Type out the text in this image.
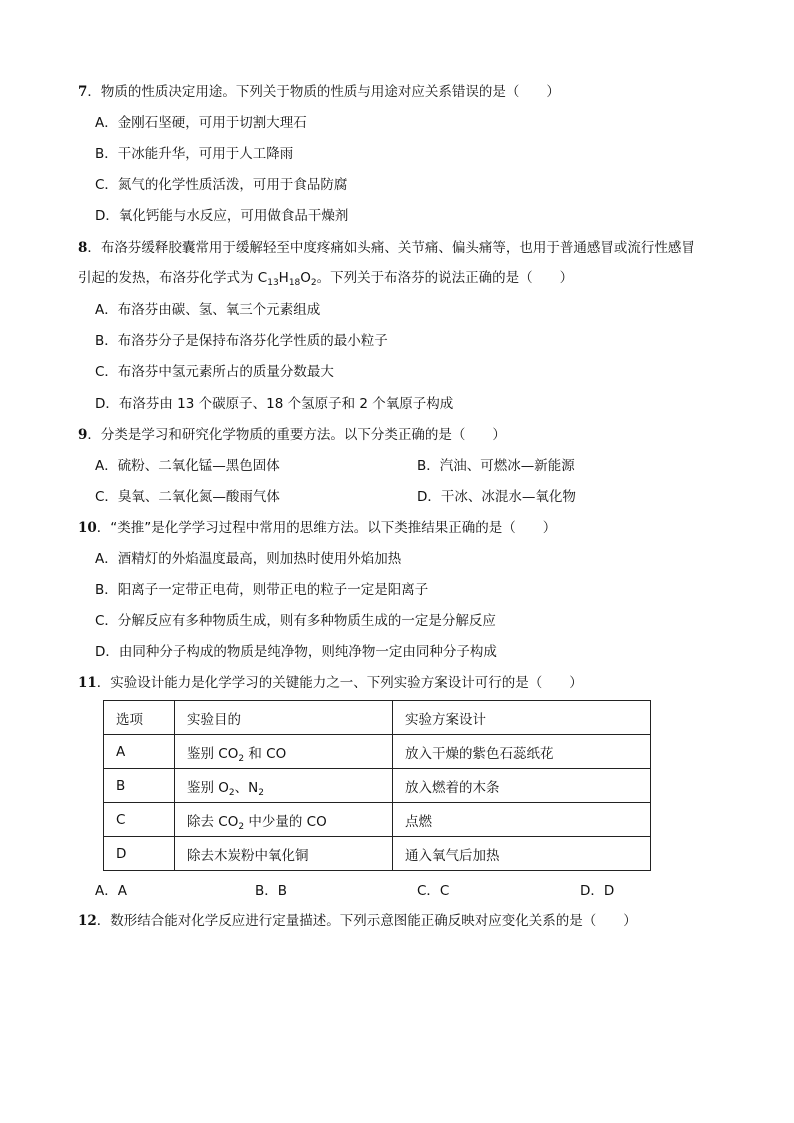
7．物质的性质决定用途。下列关于物质的性质与用途对应关系错误的是（　　）
A．金刚石坚硬，可用于切割大理石
B．干冰能升华，可用于人工降雨
C．氮气的化学性质活泼，可用于食品防腐
D．氧化钙能与水反应，可用做食品干燥剂
8．布洛芬缓释胶囊常用于缓解轻至中度疼痛如头痛、关节痛、偏头痛等，也用于普通感冒或流行性感冒
引起的发热，布洛芬化学式为 $C_{13}H_{18}O_2$。下列关于布洛芬的说法正确的是（　　）
A．布洛芬由碳、氢、氧三个元素组成
B．布洛芬分子是保持布洛芬化学性质的最小粒子
C．布洛芬中氢元素所占的质量分数最大
D．布洛芬由 13 个碳原子、18 个氢原子和 2 个氧原子构成
9．分类是学习和研究化学物质的重要方法。以下分类正确的是（　　）
A．硫粉、二氧化锰—黑色固体	B．汽油、可燃冰—新能源
C．臭氧、二氧化氮—酸雨气体	D．干冰、冰混水—氧化物
10．“类推”是化学学习过程中常用的思维方法。以下类推结果正确的是（　　）
A．酒精灯的外焰温度最高，则加热时使用外焰加热
B．阳离子一定带正电荷，则带正电的粒子一定是阳离子
C．分解反应有多种物质生成，则有多种物质生成的一定是分解反应
D．由同种分子构成的物质是纯净物，则纯净物一定由同种分子构成
11．实验设计能力是化学学习的关键能力之一、下列实验方案设计可行的是（　　）
选项	实验目的	实验方案设计
A	鉴别 $CO_2$ 和 CO	放入干燥的紫色石蕊纸花
B	鉴别 $O_2$、$N_2$	放入燃着的木条
C	除去 $CO_2$ 中少量的 CO	点燃
D	除去木炭粉中氧化铜	通入氧气后加热
A．A	B．B	C．C	D．D
12．数形结合能对化学反应进行定量描述。下列示意图能正确反映对应变化关系的是（　　）
